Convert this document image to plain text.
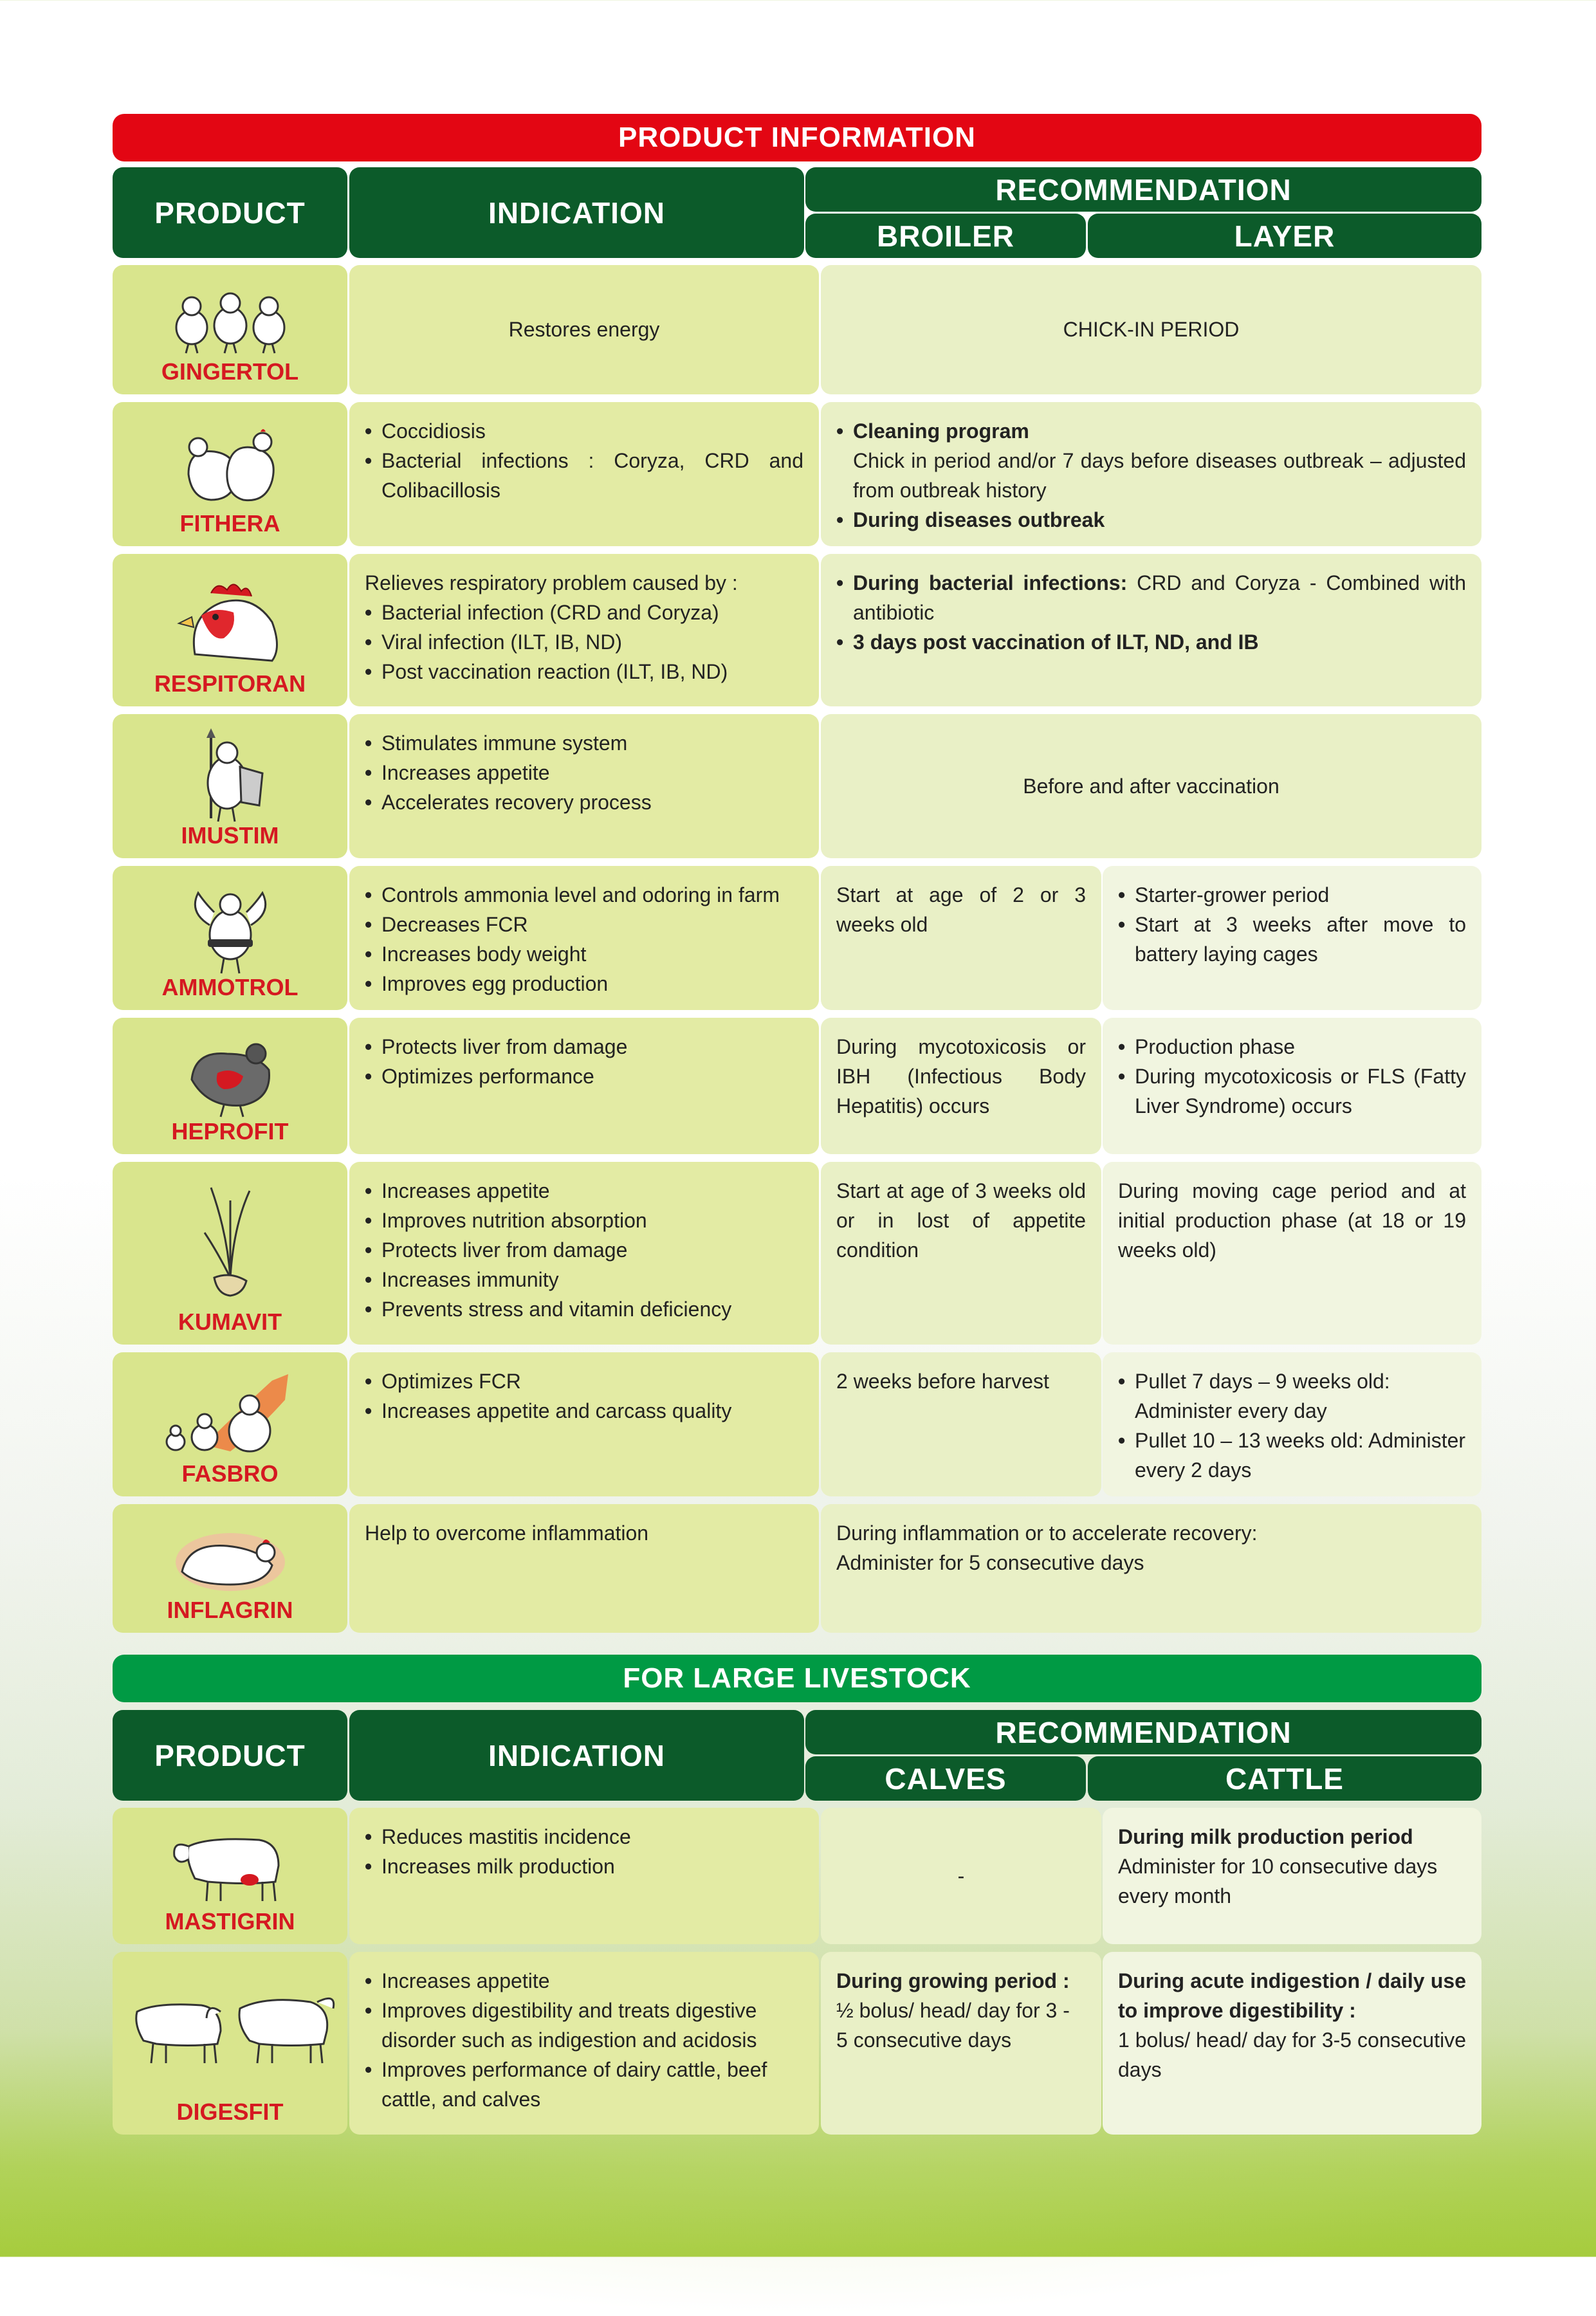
PRODUCT INFORMATION
PRODUCT	INDICATION
RECOMMENDATION
BROILER	LAYER
GINGERTOL
Restores energy	CHICK-IN PERIOD
FITHERA
• Coccidiosis
• Bacterial infections : Coryza, CRD and Colibacillosis
• Cleaning program
Chick in period and/or 7 days before diseases outbreak – adjusted from outbreak history
• During diseases outbreak
RESPITORAN
Relieves respiratory problem caused by :
• Bacterial infection (CRD and Coryza)
• Viral infection (ILT, IB, ND)
• Post vaccination reaction (ILT, IB, ND)
• During bacterial infections: CRD and Coryza - Combined with antibiotic
• 3 days post vaccination of ILT, ND, and IB
IMUSTIM
• Stimulates immune system
• Increases appetite
• Accelerates recovery process
Before and after vaccination
AMMOTROL
• Controls ammonia level and odoring in farm
• Decreases FCR
• Increases body weight
• Improves egg production
Start at age of 2 or 3 weeks old
• Starter-grower period
• Start at 3 weeks after move to battery laying cages
HEPROFIT
• Protects liver from damage
• Optimizes performance
During mycotoxicosis or IBH (Infectious Body Hepatitis) occurs
• Production phase
• During mycotoxicosis or FLS (Fatty Liver Syndrome) occurs
KUMAVIT
• Increases appetite
• Improves nutrition absorption
• Protects liver from damage
• Increases immunity
• Prevents stress and vitamin deficiency
Start at age of 3 weeks old or in lost of appetite condition
During moving cage period and at initial production phase (at 18 or 19 weeks old)
FASBRO
• Optimizes FCR
• Increases appetite and carcass quality
2 weeks before harvest
•	Pullet 7 days – 9 weeks old: Administer every day
• Pullet 10 – 13 weeks old: Administer every 2 days
INFLAGRIN
Help to overcome inflammation	During inflammation or to accelerate recovery:
Administer for 5 consecutive days
FOR LARGE LIVESTOCK
PRODUCT	INDICATION
RECOMMENDATION
CALVES	CATTLE
MASTIGRIN
• Reduces mastitis incidence
• Increases milk production	-
During milk production period
Administer for 10 consecutive days every month
DIGESFIT
• Increases appetite
• Improves digestibility and treats digestive disorder such as indigestion and acidosis
• Improves performance of dairy cattle, beef cattle, and calves
During growing period :
½ bolus/ head/ day for 3 - 5 consecutive days
During acute indigestion / daily use to improve digestibility :
1 bolus/ head/ day for 3-5 consecutive days
